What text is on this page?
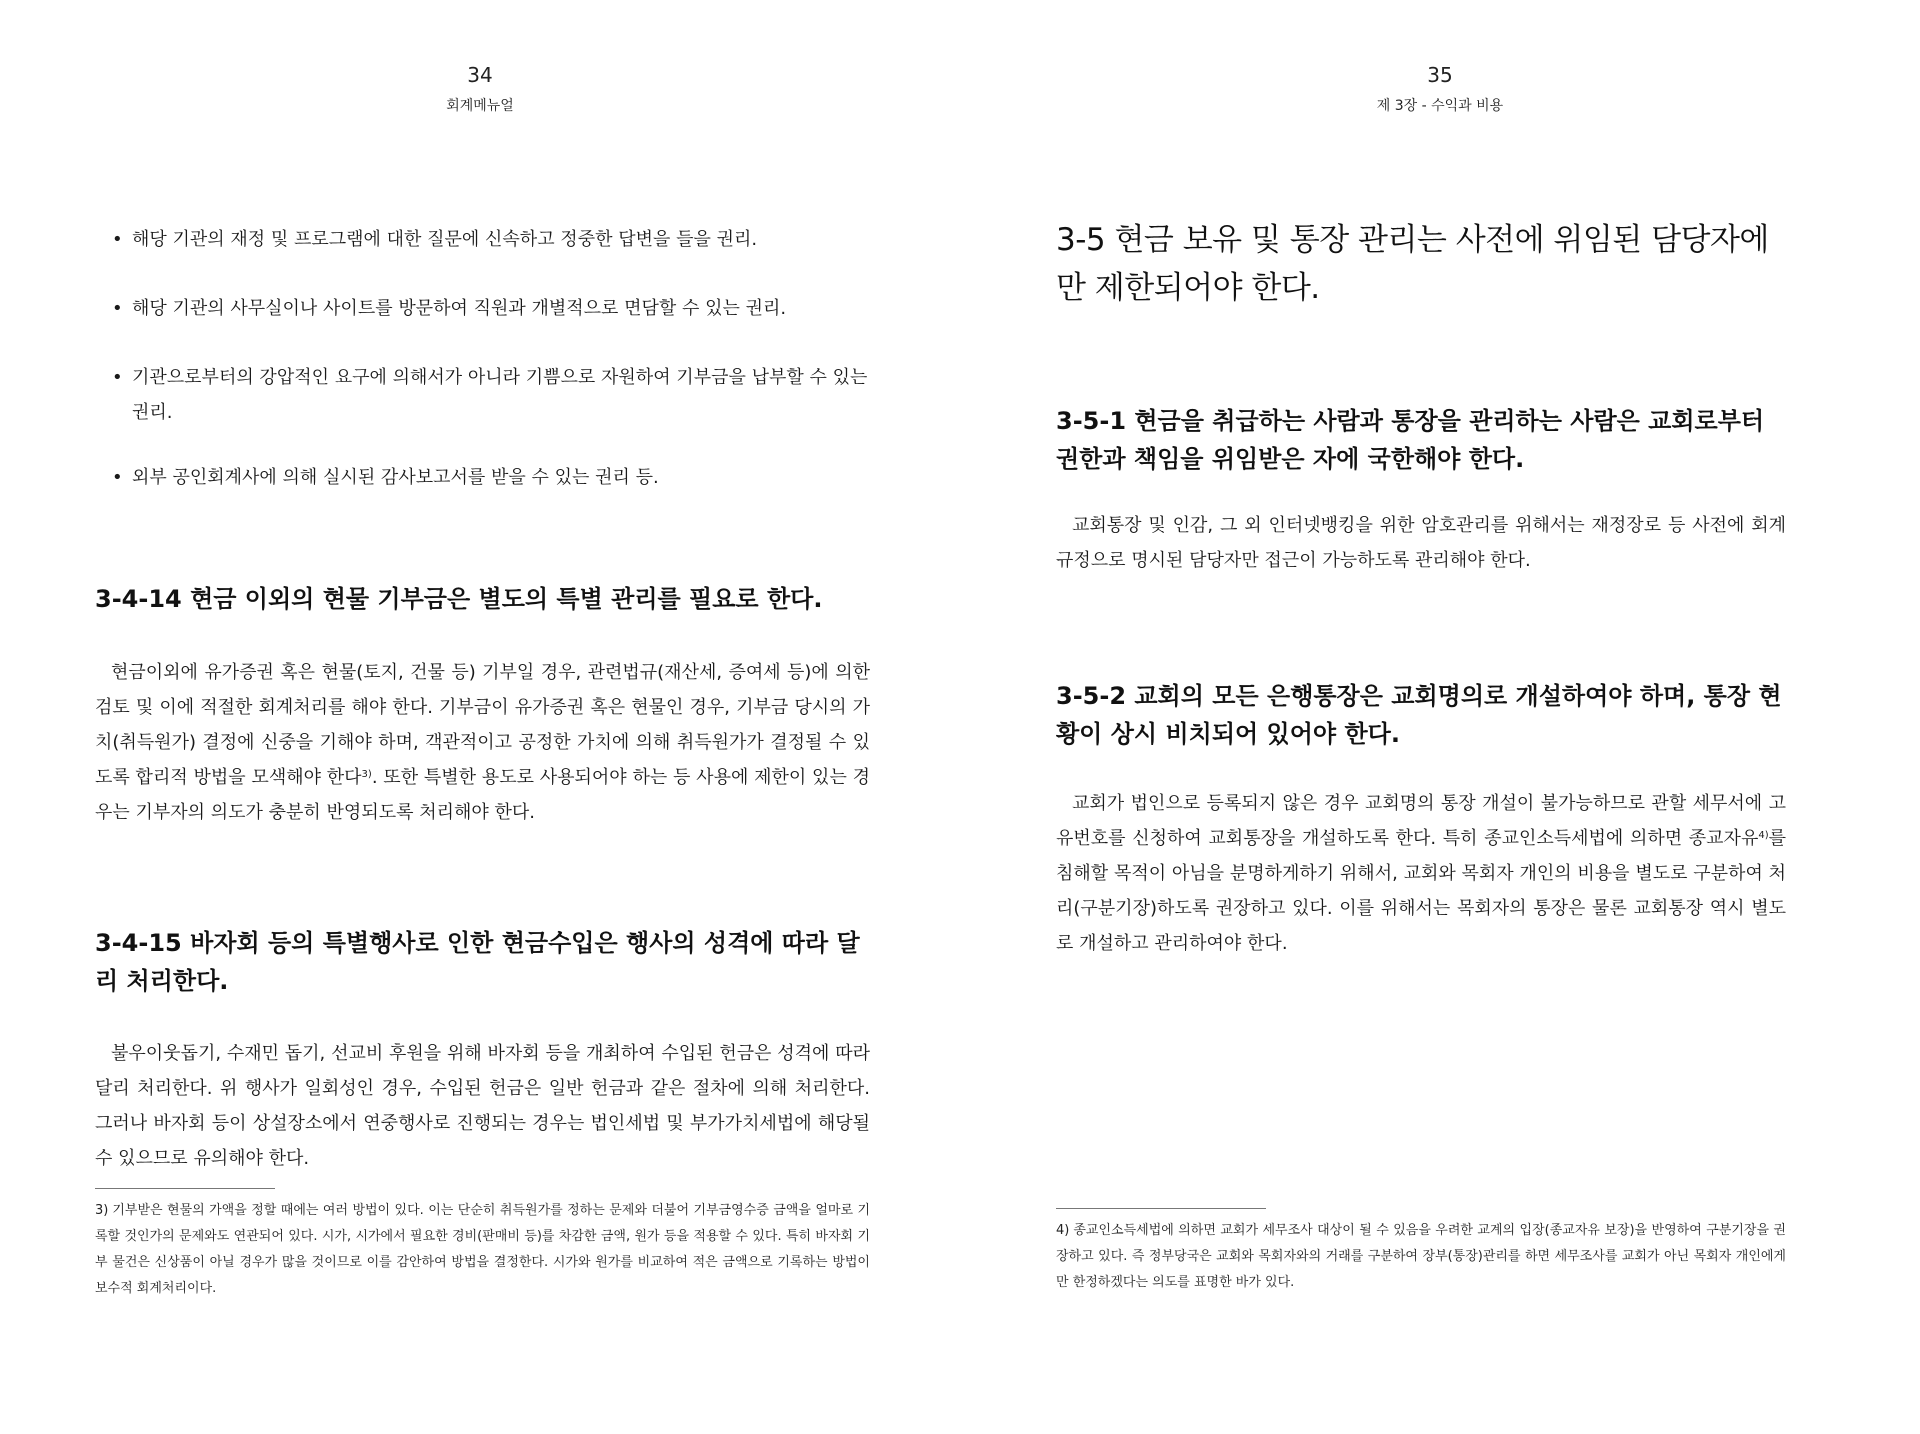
34
회계메뉴얼
• 해당 기관의 재정 및 프로그램에 대한 질문에 신속하고 정중한 답변을 들을 권리.
• 해당 기관의 사무실이나 사이트를 방문하여 직원과 개별적으로 면담할 수 있는 권리.
• 기관으로부터의 강압적인 요구에 의해서가 아니라 기쁨으로 자원하여 기부금을 납부할 수 있는 권리.
• 외부 공인회계사에 의해 실시된 감사보고서를 받을 수 있는 권리 등.
3-4-14 현금 이외의 현물 기부금은 별도의 특별 관리를 필요로 한다.

현금이외에 유가증권 혹은 현물(토지, 건물 등) 기부일 경우, 관련법규(재산세, 증여세 등)에 의한 검토 및 이에 적절한 회계처리를 해야 한다. 기부금이 유가증권 혹은 현물인 경우, 기부금 당시의 가치(취득원가) 결정에 신중을 기해야 하며, 객관적이고 공정한 가치에 의해 취득원가가 결정될 수 있도록 합리적 방법을 모색해야 한다$^{3)}$. 또한 특별한 용도로 사용되어야 하는 등 사용에 제한이 있는 경우는 기부자의 의도가 충분히 반영되도록 처리해야 한다.

3-4-15 바자회 등의 특별행사로 인한 현금수입은 행사의 성격에 따라 달리 처리한다.

불우이웃돕기, 수재민 돕기, 선교비 후원을 위해 바자회 등을 개최하여 수입된 헌금은 성격에 따라 달리 처리한다. 위 행사가 일회성인 경우, 수입된 헌금은 일반 헌금과 같은 절차에 의해 처리한다. 그러나 바자회 등이 상설장소에서 연중행사로 진행되는 경우는 법인세법 및 부가가치세법에 해당될 수 있으므로 유의해야 한다.

3) 기부받은 현물의 가액을 정할 때에는 여러 방법이 있다. 이는 단순히 취득원가를 정하는 문제와 더불어 기부금영수증 금액을 얼마로 기록할 것인가의 문제와도 연관되어 있다. 시가, 시가에서 필요한 경비(판매비 등)를 차감한 금액, 원가 등을 적용할 수 있다. 특히 바자회 기부 물건은 신상품이 아닐 경우가 많을 것이므로 이를 감안하여 방법을 결정한다. 시가와 원가를 비교하여 적은 금액으로 기록하는 방법이 보수적 회계처리이다.

35
제 3장 - 수익과 비용
3-5 현금 보유 및 통장 관리는 사전에 위임된 담당자에만 제한되어야 한다.
3-5-1 현금을 취급하는 사람과 통장을 관리하는 사람은 교회로부터 권한과 책임을 위임받은 자에 국한해야 한다.

교회통장 및 인감, 그 외 인터넷뱅킹을 위한 암호관리를 위해서는 재정장로 등 사전에 회계규정으로 명시된 담당자만 접근이 가능하도록 관리해야 한다.

3-5-2 교회의 모든 은행통장은 교회명의로 개설하여야 하며, 통장 현황이 상시 비치되어 있어야 한다.

교회가 법인으로 등록되지 않은 경우 교회명의 통장 개설이 불가능하므로 관할 세무서에 고유번호를 신청하여 교회통장을 개설하도록 한다. 특히 종교인소득세법에 의하면 종교자유$^{4)}$를 침해할 목적이 아님을 분명하게하기 위해서, 교회와 목회자 개인의 비용을 별도로 구분하여 처리(구분기장)하도록 권장하고 있다. 이를 위해서는 목회자의 통장은 물론 교회통장 역시 별도로 개설하고 관리하여야 한다.

4) 종교인소득세법에 의하면 교회가 세무조사 대상이 될 수 있음을 우려한 교계의 입장(종교자유 보장)을 반영하여 구분기장을 권장하고 있다. 즉 정부당국은 교회와 목회자와의 거래를 구분하여 장부(통장)관리를 하면 세무조사를 교회가 아닌 목회자 개인에게만 한정하겠다는 의도를 표명한 바가 있다.
